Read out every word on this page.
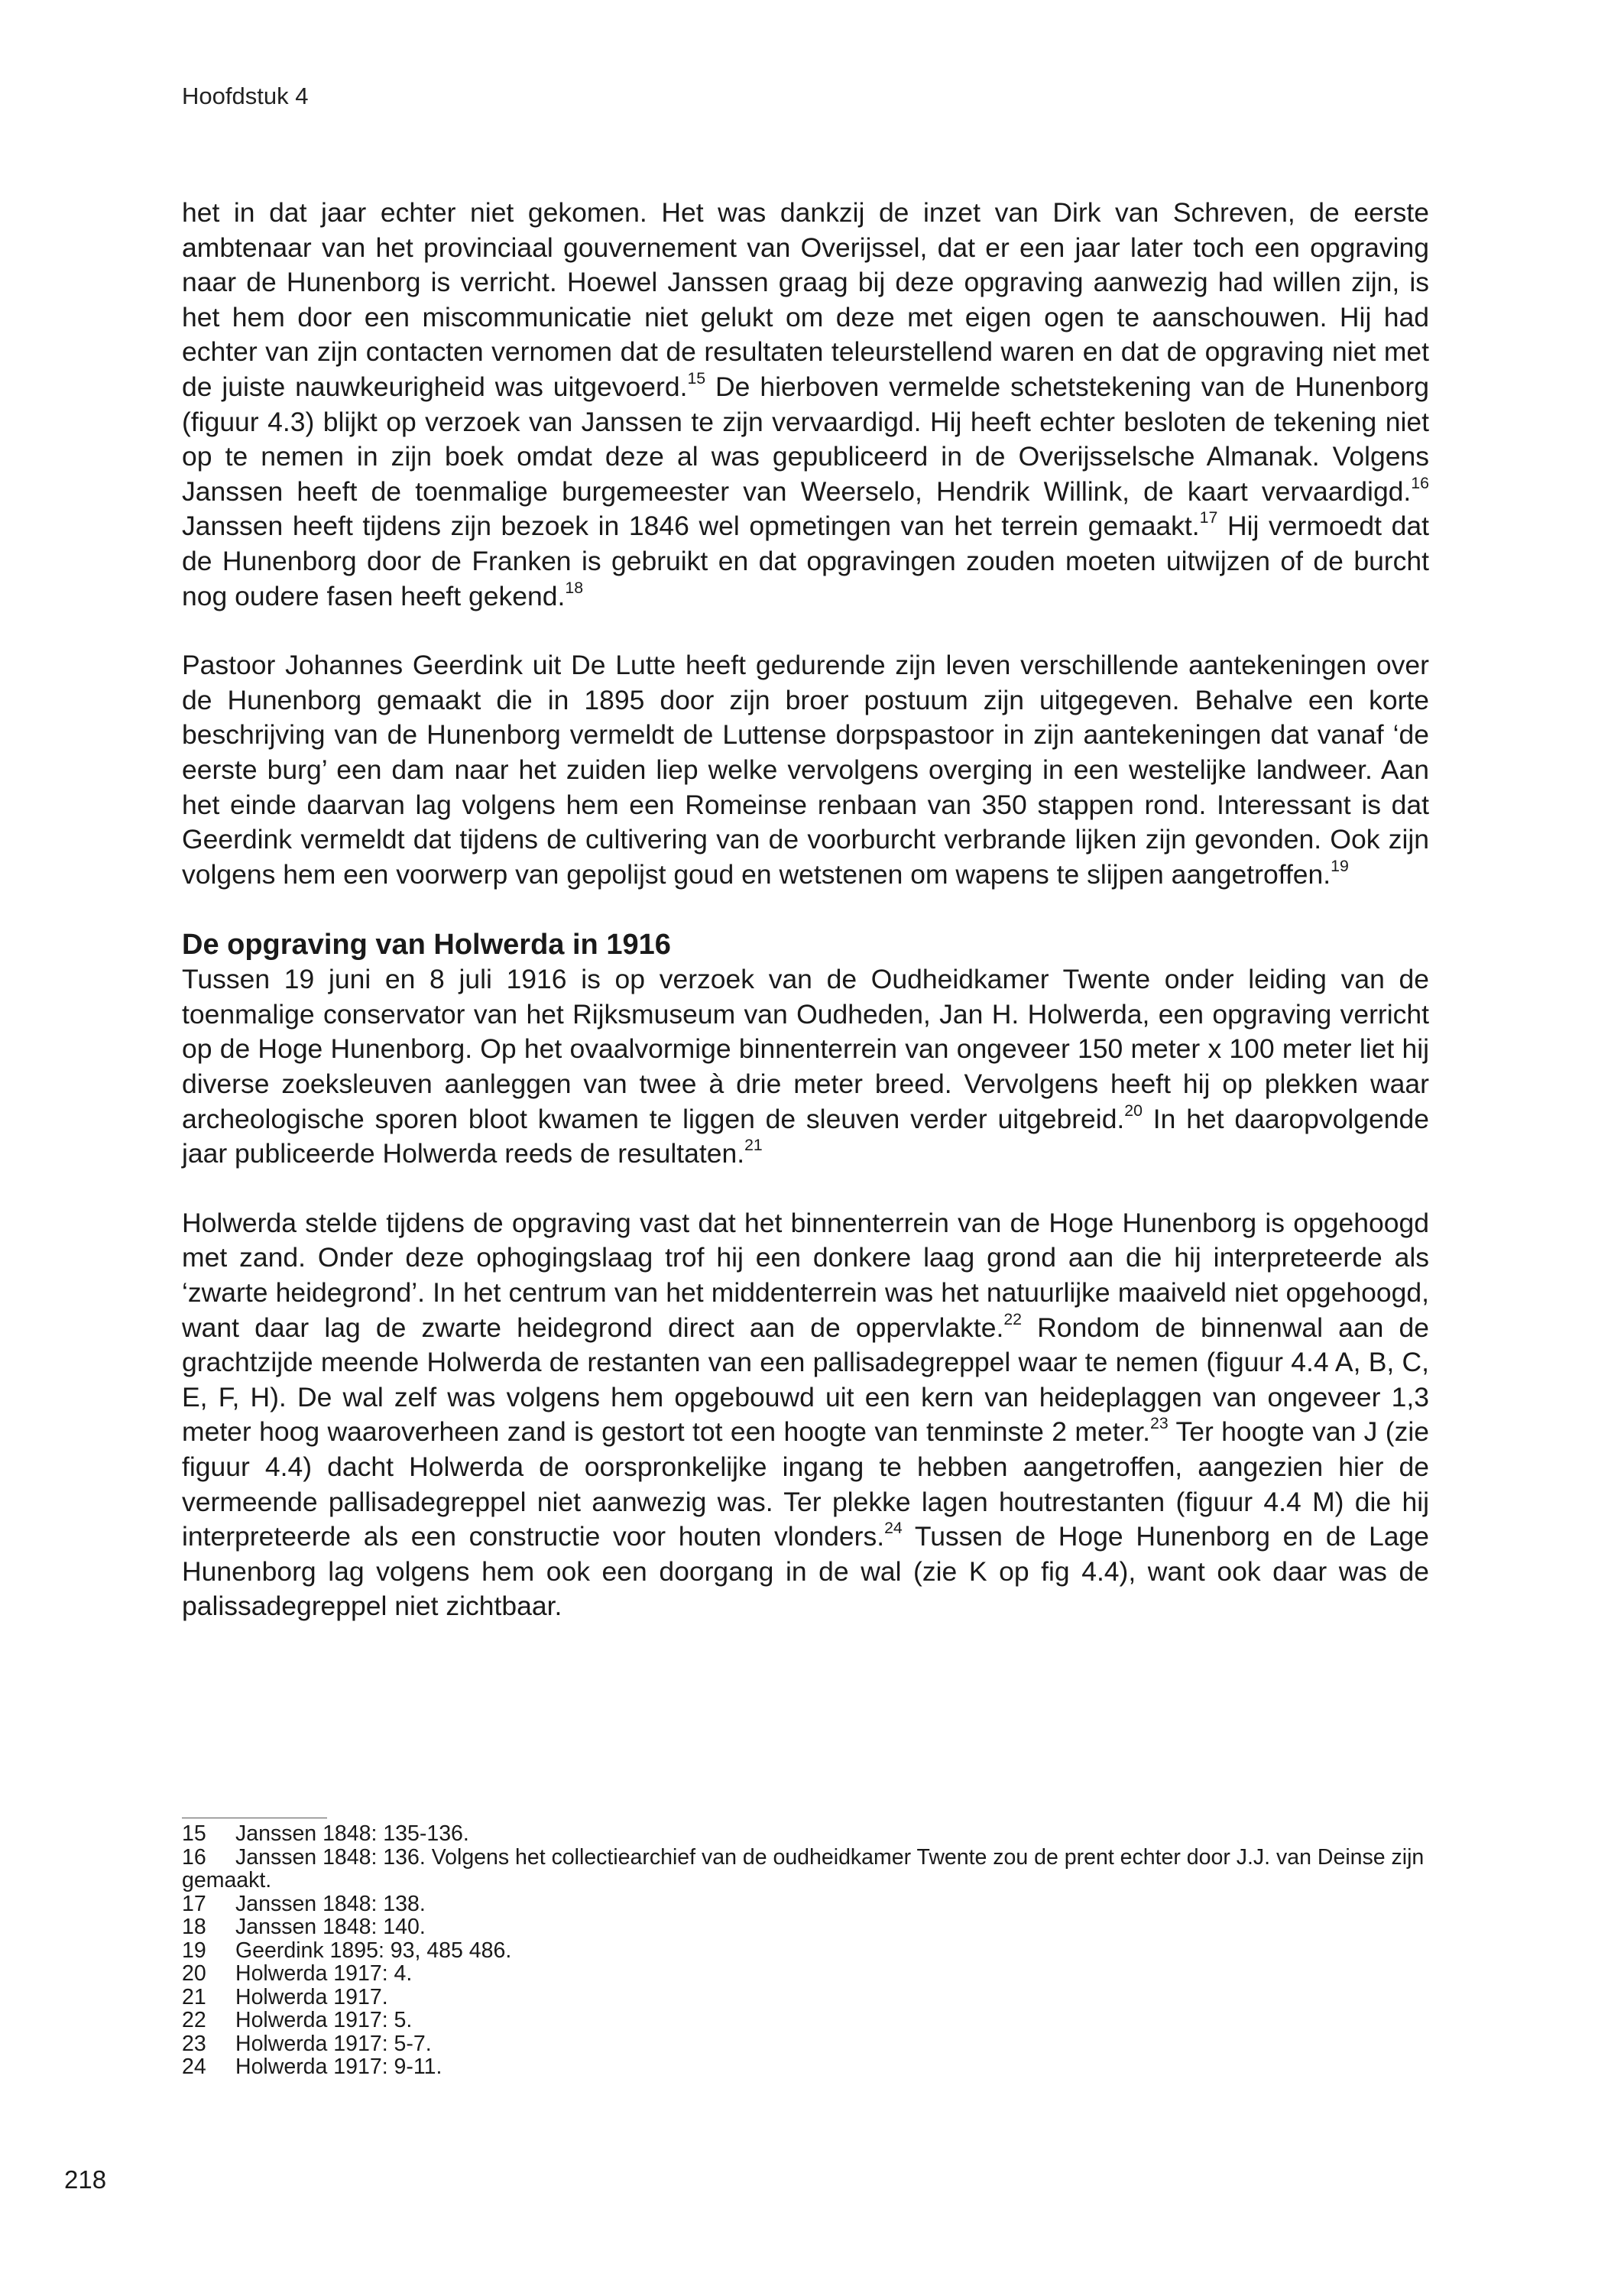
Hoofdstuk 4

het in dat jaar echter niet gekomen. Het was dankzij de inzet van Dirk van Schreven, de eerste ambtenaar van het provinciaal gouvernement van Overijssel, dat er een jaar later toch een opgraving naar de Hunenborg is verricht. Hoewel Janssen graag bij deze opgraving aanwezig had willen zijn, is het hem door een miscommunicatie niet gelukt om deze met eigen ogen te aanschouwen. Hij had echter van zijn contacten vernomen dat de resultaten teleurstellend waren en dat de opgraving niet met de juiste nauwkeurigheid was uitgevoerd.$^{15}$ De hierboven vermelde schetstekening van de Hunenborg (figuur 4.3) blijkt op verzoek van Janssen te zijn vervaardigd. Hij heeft echter besloten de tekening niet op te nemen in zijn boek omdat deze al was gepubliceerd in de Overijsselsche Almanak. Volgens Janssen heeft de toenmalige burgemeester van Weerselo, Hendrik Willink, de kaart vervaardigd.$^{16}$ Janssen heeft tijdens zijn bezoek in 1846 wel opmetingen van het terrein gemaakt.$^{17}$ Hij vermoedt dat de Hunenborg door de Franken is gebruikt en dat opgravingen zouden moeten uitwijzen of de burcht nog oudere fasen heeft gekend.$^{18}$

Pastoor Johannes Geerdink uit De Lutte heeft gedurende zijn leven verschillende aantekeningen over de Hunenborg gemaakt die in 1895 door zijn broer postuum zijn uitgegeven. Behalve een korte beschrijving van de Hunenborg vermeldt de Luttense dorpspastoor in zijn aantekeningen dat vanaf ‘de eerste burg’ een dam naar het zuiden liep welke vervolgens overging in een westelijke landweer. Aan het einde daarvan lag volgens hem een Romeinse renbaan van 350 stappen rond. Interessant is dat Geerdink vermeldt dat tijdens de cultivering van de voorburcht verbrande lijken zijn gevonden. Ook zijn volgens hem een voorwerp van gepolijst goud en wetstenen om wapens te slijpen aangetroffen.$^{19}$

De opgraving van Holwerda in 1916

Tussen 19 juni en 8 juli 1916 is op verzoek van de Oudheidkamer Twente onder leiding van de toenmalige conservator van het Rijksmuseum van Oudheden, Jan H. Holwerda, een opgraving verricht op de Hoge Hunenborg. Op het ovaalvormige binnenterrein van ongeveer 150 meter x 100 meter liet hij diverse zoeksleuven aanleggen van twee à drie meter breed. Vervolgens heeft hij op plekken waar archeologische sporen bloot kwamen te liggen de sleuven verder uitgebreid.$^{20}$ In het daaropvolgende jaar publiceerde Holwerda reeds de resultaten.$^{21}$

Holwerda stelde tijdens de opgraving vast dat het binnenterrein van de Hoge Hunenborg is opgehoogd met zand. Onder deze ophogingslaag trof hij een donkere laag grond aan die hij interpreteerde als ‘zwarte heidegrond’. In het centrum van het middenterrein was het natuurlijke maaiveld niet opgehoogd, want daar lag de zwarte heidegrond direct aan de oppervlakte.$^{22}$ Rondom de binnenwal aan de grachtzijde meende Holwerda de restanten van een pallisadegreppel waar te nemen (figuur 4.4 A, B, C, E, F, H). De wal zelf was volgens hem opgebouwd uit een kern van heideplaggen van ongeveer 1,3 meter hoog waaroverheen zand is gestort tot een hoogte van tenminste 2 meter.$^{23}$ Ter hoogte van J (zie figuur 4.4) dacht Holwerda de oorspronkelijke ingang te hebben aangetroffen, aangezien hier de vermeende pallisadegreppel niet aanwezig was. Ter plekke lagen houtrestanten (figuur 4.4 M) die hij interpreteerde als een constructie voor houten vlonders.$^{24}$ Tussen de Hoge Hunenborg en de Lage Hunenborg lag volgens hem ook een doorgang in de wal (zie K op fig 4.4), want ook daar was de palissadegreppel niet zichtbaar.

15 Janssen 1848: 135-136.

16 Janssen 1848: 136. Volgens het collectiearchief van de oudheidkamer Twente zou de prent echter door J.J. van Deinse zijn gemaakt.

17 Janssen 1848: 138.

18 Janssen 1848: 140.

19 Geerdink 1895: 93, 485 486.

20 Holwerda 1917: 4.

21 Holwerda 1917.

22 Holwerda 1917: 5.

23 Holwerda 1917: 5-7.

24 Holwerda 1917: 9-11.

218
